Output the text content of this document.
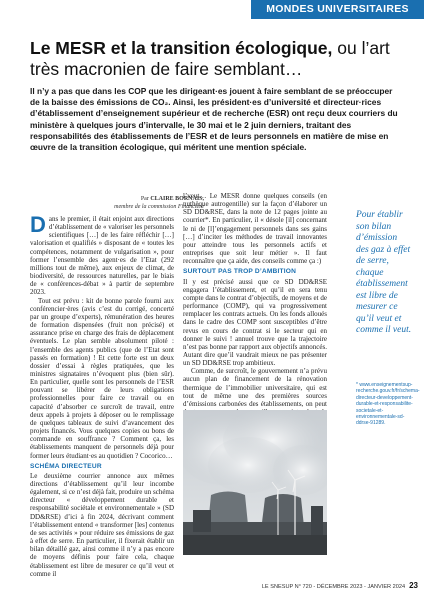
MONDES UNIVERSITAIRES
Le MESR et la transition écologique, ou l’art très macronien de faire semblant…

Il n’y a pas que dans les COP que les dirigeant·es jouent à faire semblant de se préoccuper de la baisse des émissions de CO₂. Ainsi, les président·es d’université et directeur·rices d’établissement d’enseignement supérieur et de recherche (ESR) ont reçu deux courriers du ministère à quelques jours d’intervalle, le 30 mai et le 2 juin derniers, traitant des responsabilités des établissements de l’ESR et de leurs personnels en matière de mise en œuvre de la transition écologique, qui méritent une mention spéciale.

Par CLAIRE BORNAIS,
membre de la commission Financière

Dans le premier, il était enjoint aux directions d’établissement de « valoriser les personnels scientifiques […] de les faire réfléchir […] valorisation et qualifiés » disposant de « toutes les compétences, notamment de vulgarisation », pour former l’ensemble des agent·es de l’Etat (292 millions tout de même), aux enjeux de climat, de biodiversité, de ressources naturelles, par le biais de « conférences-débat » à partir de septembre 2023.

Tout est prévu : kit de bonne parole fourni aux conférencier·ères (avis c’est du corrigé, concerté par un groupe d’experts), rémunération des heures de formation dispensées (fruit non précisé) et assurance prise en charge des frais de déplacement éventuels. Le plan semble absolument piloté : l’ensemble des agents publics (que de l’Etat sont passés en formation) ! Et cette forte est un deux dossier d’essai à règles pratiquées, que les ministres signataires n’évoquent plus (bien sûr). En particulier, quelle sont les personnels de l’ESR pouvant se libérer de leurs obligations professionnelles pour faire ce travail ou en capacité d’absorber ce surcroît de travail, entre deux appels à projets à déposer ou le remplissage de quelques tableaux de suivi d’avancement des projets financés. Vous quelques copies ou bons de commande en souffrance ? Comment ça, les établissements manquent de personnels déjà pour former leurs étudiant·es au quotidien ? Cocorico…

SCHÉMA DIRECTEUR

Le deuxième courrier annonce aux mêmes directions d’établissement qu’il leur incombe également, si ce n’est déjà fait, produire un schéma directeur « développement durable et responsabilité sociétale et environnementale » (SD DD&RSE) d’ici à fin 2024, décrivant comment l’établissement entend « transformer [les] contenus de ses activités » pour réduire ses émissions de gaz à effet de serre. En particulier, il fixerait établir un bilan détaillé gaz, ainsi comme il n’y a pas encore de moyens définis pour faire cela, chaque établissement est libre de mesurer ce qu’il veut et comme il

l’veut… Le MESR donne quelques conseils (en nuthèque autrogentille) sur la façon d’élaborer un SD DD&RSE, dans la note de 12 pages jointe au courrier*. En particulier, il « désole [il] concernant le ni de [l]’engagement personnels dans ses gains […] d’inciter les méthodes de travail innovantes pour atteindre tous les personnels actifs et entreprises que soit leur métier ». Il faut reconnaître que ça aide, des conseils comme ça :)

SURTOUT PAS TROP D’AMBITION

Il y est précisé aussi que ce SD DD&RSE engagera l’établissement, et qu’il en sera tenu compte dans le contrat d’objectifs, de moyens et de performance (COMP), qui va progressivement remplacer les contrats actuels. On les fonds alloués dans le cadre des COMP sont susceptibles d’être revus en cours de contrat si le secteur qui en donner le suivi ! annuel trouve que la trajectoire n’est pas bonne par rapport aux objectifs annoncés. Autant dire que’il vaudrait mieux ne pas présenter un SD DD&RSE trop ambitieux.

Comme, de surcroît, le gouvernement n’a prévu aucun plan de financement de la rénovation thermique de l’immobilier universitaire, qui est tout de même une des premières sources d’émissions carbonées des établissements, on peut

Pour établir son bilan d’émission des gaz à effet de serre, chaque établissement est libre de mesurer ce qu’il veut et comme il veut.

* www.enseignementsup-recherche.gouv.fr/fr/schema-directeur-developpement-durable-et-responsabilite-societale-et-environnementale-sd-ddrse-91289.

LE SNESUP N° 720 - DÉCEMBRE 2023 - JANVIER 2024 23
